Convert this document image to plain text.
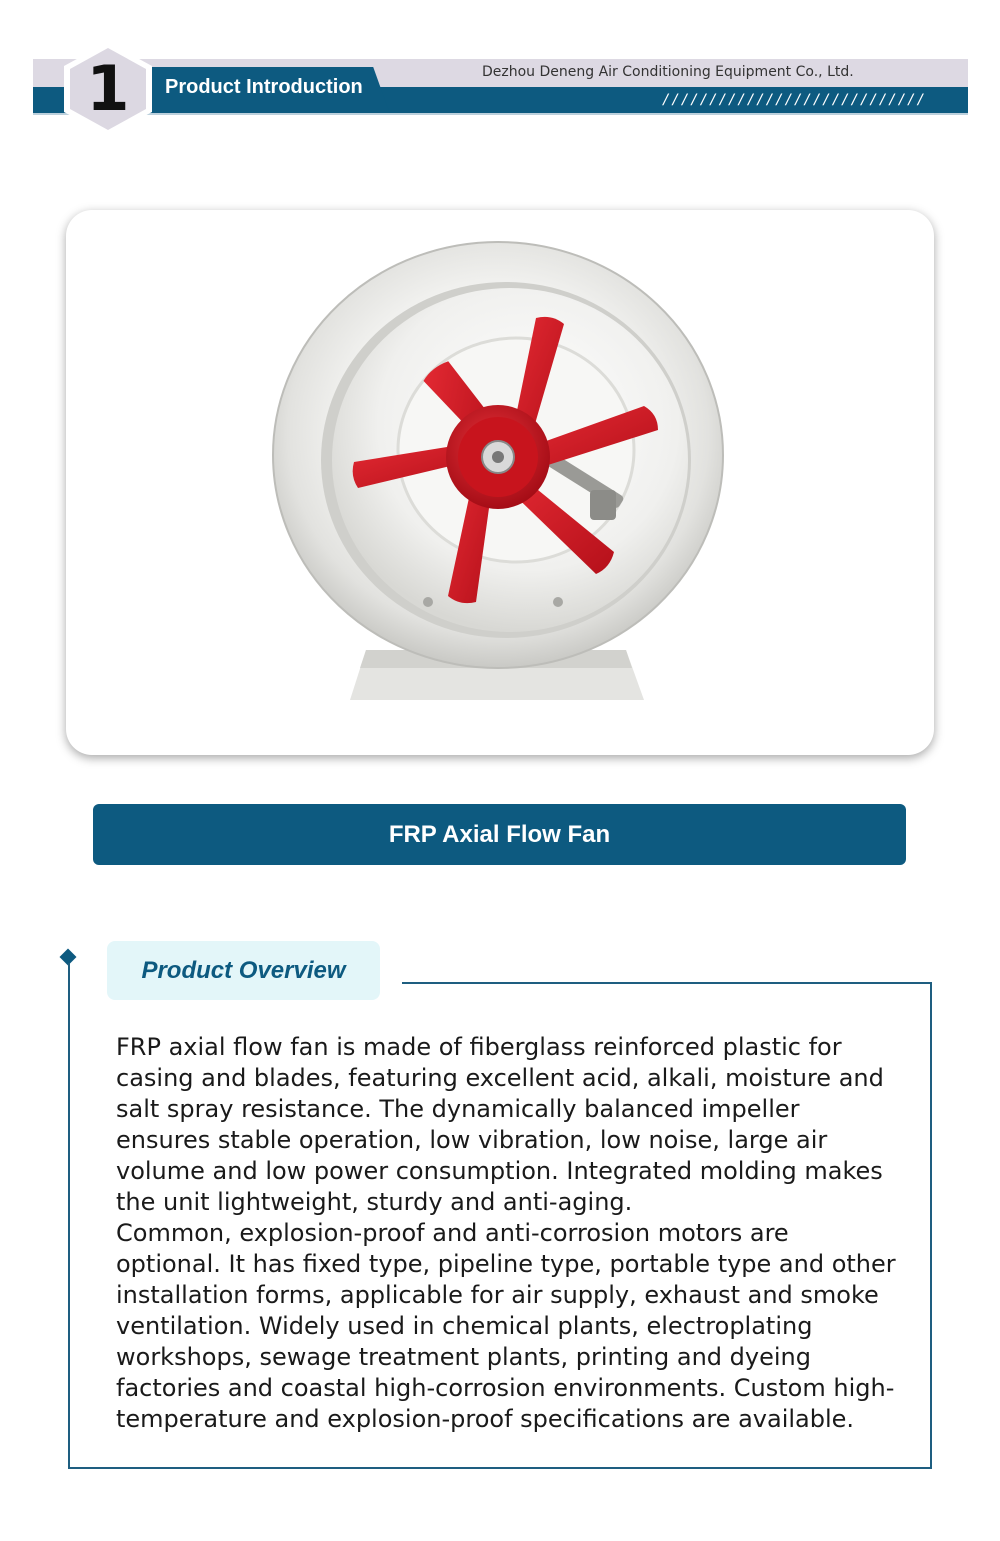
1	Product Introduction
Dezhou Deneng Air Conditioning Equipment Co., Ltd.
////////////////////////////
FRP Axial Flow Fan
Product Overview

FRP axial flow fan is made of fiberglass reinforced plastic for casing and blades, featuring excellent acid, alkali, moisture and salt spray resistance. The dynamically balanced impeller ensures stable operation, low vibration, low noise, large air volume and low power consumption. Integrated molding makes the unit lightweight, sturdy and anti-aging.

Common, explosion-proof and anti-corrosion motors are optional. It has fixed type, pipeline type, portable type and other installation forms, applicable for air supply, exhaust and smoke ventilation. Widely used in chemical plants, electroplating workshops, sewage treatment plants, printing and dyeing factories and coastal high-corrosion environments. Custom high-temperature and explosion-proof specifications are available.
